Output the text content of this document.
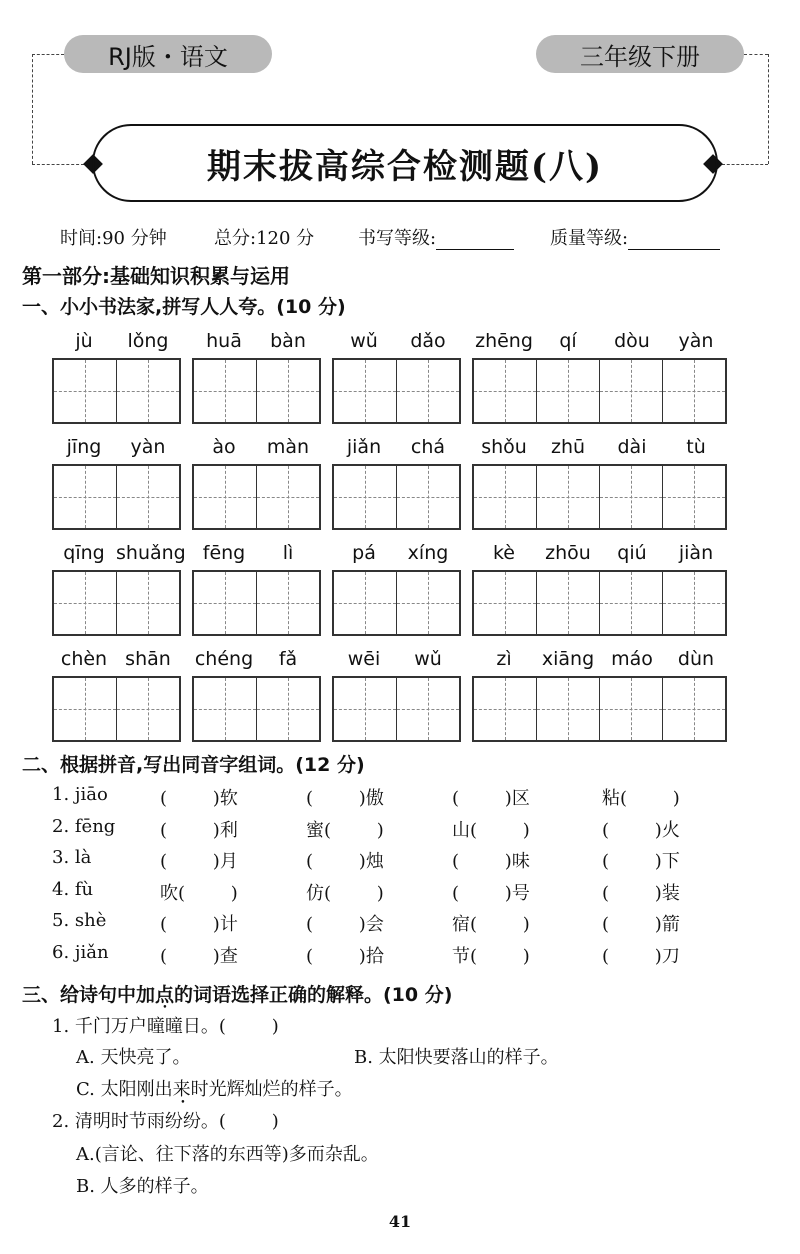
RJ版・语文	三年级下册
期末拔高综合检测题(八)
时间:90 分钟	总分:120 分 书写等级:	质量等级:
第一部分:基础知识积累与运用
一、小小书法家,拼写人人夸。(10 分)
jù	lǒng	huā	bàn	wǔ	dǎo	zhēng	qí	dòu	yàn
jīng	yàn	ào	màn	jiǎn	chá	shǒu	zhū	dài	tù
qīng shuǎng fēng	lì	pá	xíng	kè	zhōu	qiú	jiàn
chèn shān	chéng	fǎ	wēi	wǔ	zì	xiāng máo	dùn
二、根据拼音,写出同音字组词。(12 分)
1. jiāo	(        )软	(        )傲	(        )区	粘(        )
2. fēng (        )利	蜜(        )	山(        )	(        )火
3. là	(        )月	(        )烛	(        )味	(        )下
4. fù	吹(        )	仿(        )	(        )号	(        )装
5. shè	(        )计	(        )会	宿(        )	(        )箭
6. jiǎn	(        )查	(        )拾	节(        )	(        )刀
三、给诗句中加点的词语选择正确的解释。(10 分)
1. 千门万户曈曈日。(        )
A. 天快亮了。	B. 太阳快要落山的样子。
C. 太阳刚出来时光辉灿烂的样子。
2. 清明时节雨纷纷。(        )
A.(言论、往下落的东西等)多而杂乱。
B. 人多的样子。
41
